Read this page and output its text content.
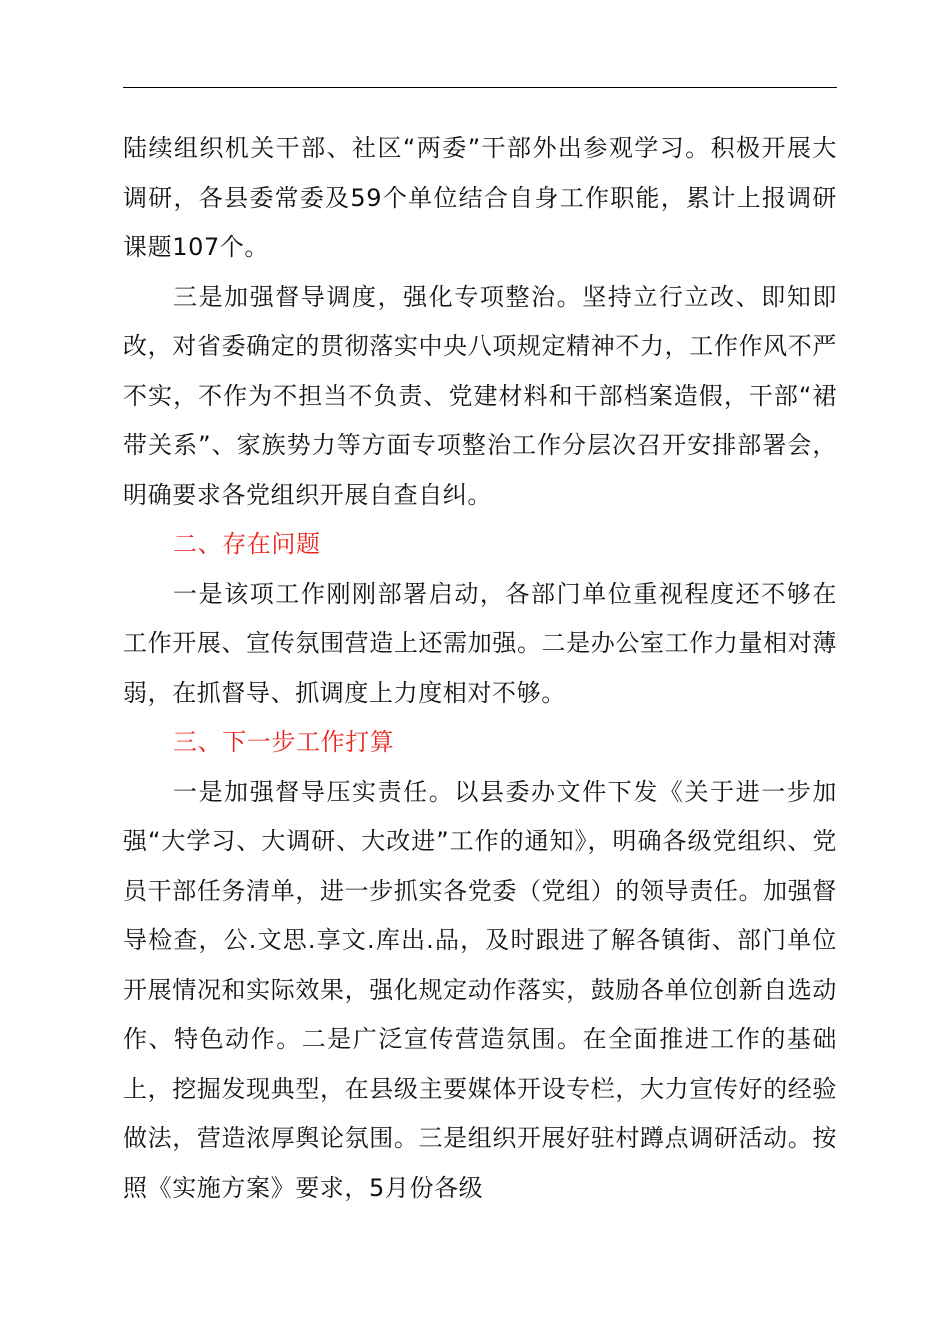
陆续组织机关干部、社区“两委”干部外出参观学习。积极开展大调研，各县委常委及59个单位结合自身工作职能，累计上报调研课题107个。

三是加强督导调度，强化专项整治。坚持立行立改、即知即改，对省委确定的贯彻落实中央八项规定精神不力，工作作风不严不实，不作为不担当不负责、党建材料和干部档案造假，干部“裙带关系”、家族势力等方面专项整治工作分层次召开安排部署会，明确要求各党组织开展自查自纠。

二、存在问题

一是该项工作刚刚部署启动，各部门单位重视程度还不够在工作开展、宣传氛围营造上还需加强。二是办公室工作力量相对薄弱，在抓督导、抓调度上力度相对不够。

三、下一步工作打算

一是加强督导压实责任。以县委办文件下发《关于进一步加强“大学习、大调研、大改进”工作的通知》，明确各级党组织、党员干部任务清单，进一步抓实各党委（党组）的领导责任。加强督导检查，公.文思.享文.库出.品，及时跟进了解各镇街、部门单位开展情况和实际效果，强化规定动作落实，鼓励各单位创新自选动作、特色动作。二是广泛宣传营造氛围。在全面推进工作的基础上，挖掘发现典型，在县级主要媒体开设专栏，大力宣传好的经验做法，营造浓厚舆论氛围。三是组织开展好驻村蹲点调研活动。按照《实施方案》要求，5月份各级
